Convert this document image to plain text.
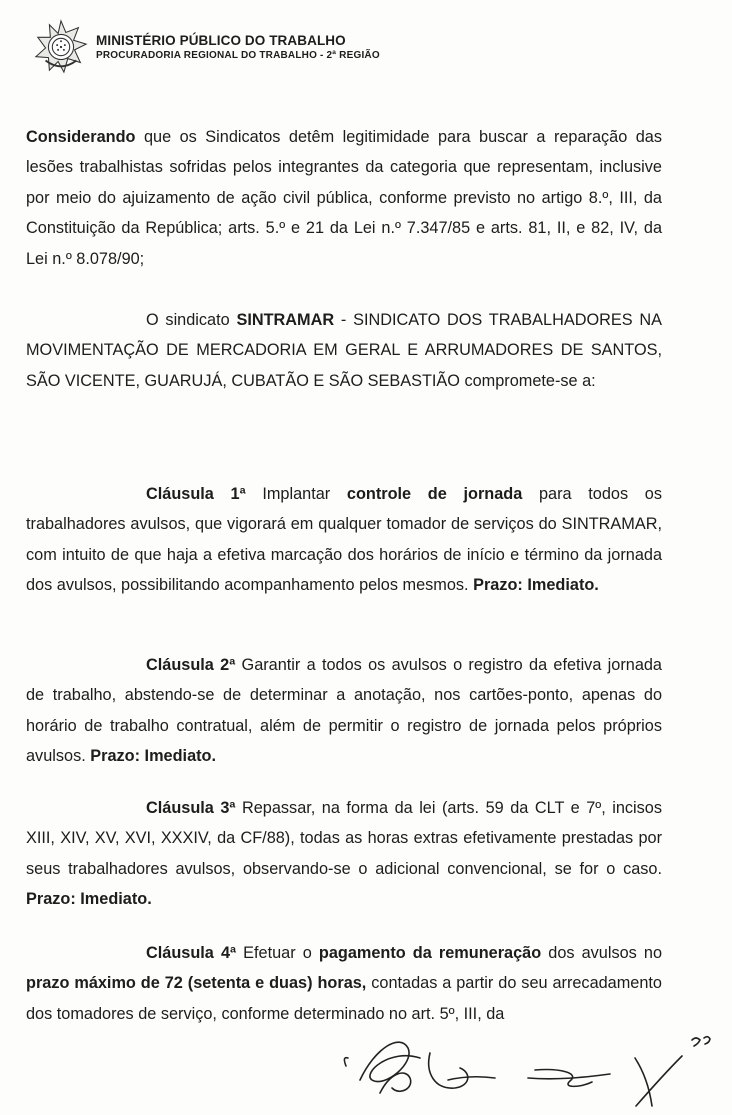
MINISTÉRIO PÚBLICO DO TRABALHO
PROCURADORIA REGIONAL DO TRABALHO - 2ª REGIÃO

Considerando que os Sindicatos detêm legitimidade para buscar a reparação das lesões trabalhistas sofridas pelos integrantes da categoria que representam, inclusive por meio do ajuizamento de ação civil pública, conforme previsto no artigo 8.º, III, da Constituição da República; arts. 5.º e 21 da Lei n.º 7.347/85 e arts. 81, II, e 82, IV, da Lei n.º 8.078/90;

O sindicato SINTRAMAR - SINDICATO DOS TRABALHADORES NA MOVIMENTAÇÃO DE MERCADORIA EM GERAL E ARRUMADORES DE SANTOS, SÃO VICENTE, GUARUJÁ, CUBATÃO E SÃO SEBASTIÃO compromete-se a:

Cláusula 1ª Implantar controle de jornada para todos os trabalhadores avulsos, que vigorará em qualquer tomador de serviços do SINTRAMAR, com intuito de que haja a efetiva marcação dos horários de início e término da jornada dos avulsos, possibilitando acompanhamento pelos mesmos. Prazo: Imediato.

Cláusula 2ª Garantir a todos os avulsos o registro da efetiva jornada de trabalho, abstendo-se de determinar a anotação, nos cartões-ponto, apenas do horário de trabalho contratual, além de permitir o registro de jornada pelos próprios avulsos. Prazo: Imediato.

Cláusula 3ª Repassar, na forma da lei (arts. 59 da CLT e 7º, incisos XIII, XIV, XV, XVI, XXXIV, da CF/88), todas as horas extras efetivamente prestadas por seus trabalhadores avulsos, observando-se o adicional convencional, se for o caso. Prazo: Imediato.

Cláusula 4ª Efetuar o pagamento da remuneração dos avulsos no prazo máximo de 72 (setenta e duas) horas, contadas a partir do seu arrecadamento dos tomadores de serviço, conforme determinado no art. 5º, III, da
